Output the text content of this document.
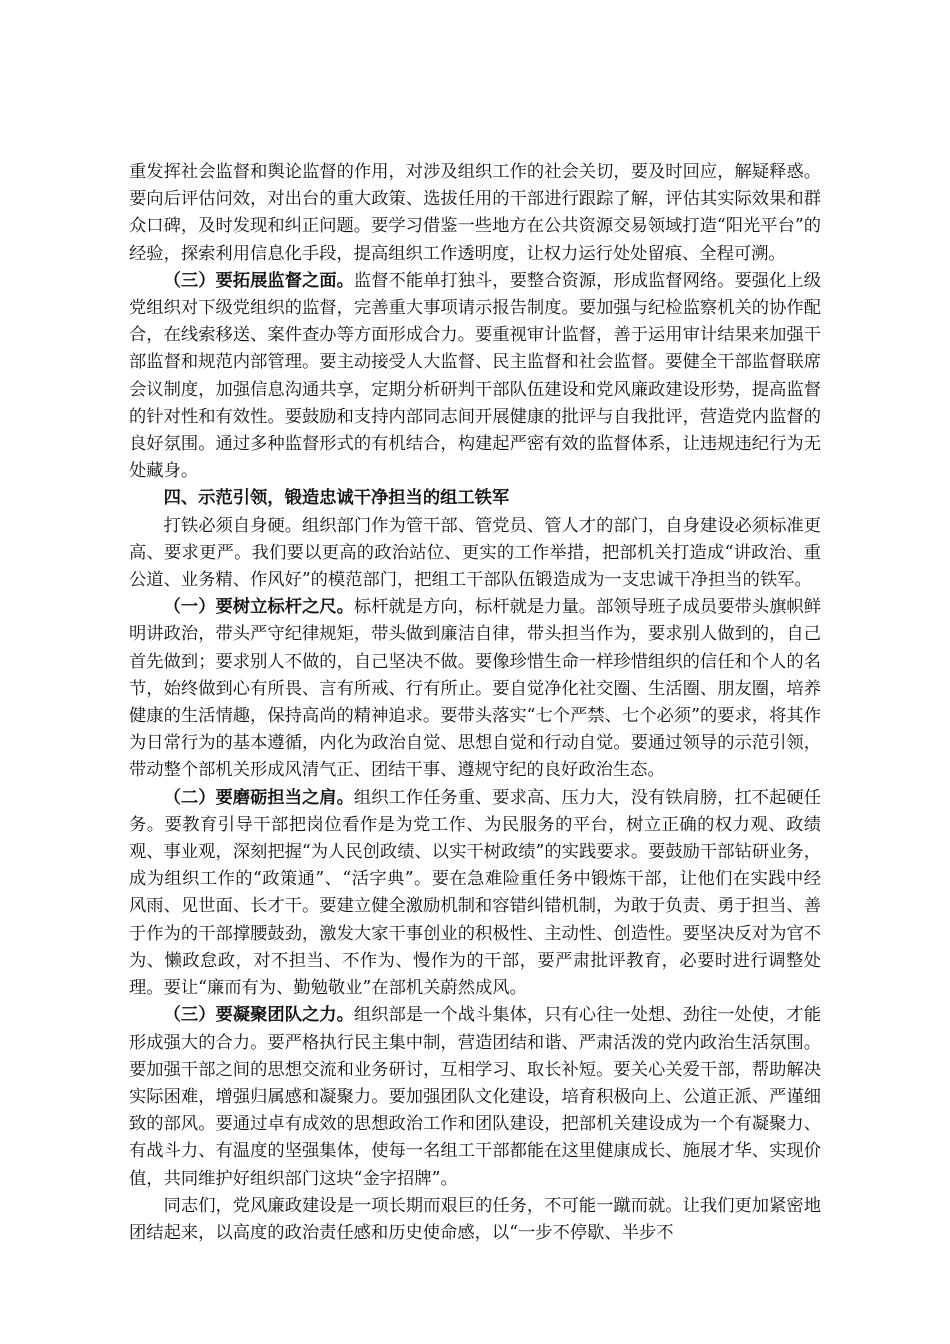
重发挥社会监督和舆论监督的作用，对涉及组织工作的社会关切，要及时回应，解疑释惑。要向后评估问效，对出台的重大政策、选拔任用的干部进行跟踪了解，评估其实际效果和群众口碑，及时发现和纠正问题。要学习借鉴一些地方在公共资源交易领域打造“阳光平台”的经验，探索利用信息化手段，提高组织工作透明度，让权力运行处处留痕、全程可溯。

（三）要拓展监督之面。监督不能单打独斗，要整合资源，形成监督网络。要强化上级党组织对下级党组织的监督，完善重大事项请示报告制度。要加强与纪检监察机关的协作配合，在线索移送、案件查办等方面形成合力。要重视审计监督，善于运用审计结果来加强干部监督和规范内部管理。要主动接受人大监督、民主监督和社会监督。要健全干部监督联席会议制度，加强信息沟通共享，定期分析研判干部队伍建设和党风廉政建设形势，提高监督的针对性和有效性。要鼓励和支持内部同志间开展健康的批评与自我批评，营造党内监督的良好氛围。通过多种监督形式的有机结合，构建起严密有效的监督体系，让违规违纪行为无处藏身。

四、示范引领，锻造忠诚干净担当的组工铁军

打铁必须自身硬。组织部门作为管干部、管党员、管人才的部门，自身建设必须标准更高、要求更严。我们要以更高的政治站位、更实的工作举措，把部机关打造成“讲政治、重公道、业务精、作风好”的模范部门，把组工干部队伍锻造成为一支忠诚干净担当的铁军。

（一）要树立标杆之尺。标杆就是方向，标杆就是力量。部领导班子成员要带头旗帜鲜明讲政治，带头严守纪律规矩，带头做到廉洁自律，带头担当作为，要求别人做到的，自己首先做到；要求别人不做的，自己坚决不做。要像珍惜生命一样珍惜组织的信任和个人的名节，始终做到心有所畏、言有所戒、行有所止。要自觉净化社交圈、生活圈、朋友圈，培养健康的生活情趣，保持高尚的精神追求。要带头落实“七个严禁、七个必须”的要求，将其作为日常行为的基本遵循，内化为政治自觉、思想自觉和行动自觉。要通过领导的示范引领，带动整个部机关形成风清气正、团结干事、遵规守纪的良好政治生态。

（二）要磨砺担当之肩。组织工作任务重、要求高、压力大，没有铁肩膀，扛不起硬任务。要教育引导干部把岗位看作是为党工作、为民服务的平台，树立正确的权力观、政绩观、事业观，深刻把握“为人民创政绩、以实干树政绩”的实践要求。要鼓励干部钻研业务，成为组织工作的“政策通”、“活字典”。要在急难险重任务中锻炼干部，让他们在实践中经风雨、见世面、长才干。要建立健全激励机制和容错纠错机制，为敢于负责、勇于担当、善于作为的干部撑腰鼓劲，激发大家干事创业的积极性、主动性、创造性。要坚决反对为官不为、懒政怠政，对不担当、不作为、慢作为的干部，要严肃批评教育，必要时进行调整处理。要让“廉而有为、勤勉敬业”在部机关蔚然成风。

（三）要凝聚团队之力。组织部是一个战斗集体，只有心往一处想、劲往一处使，才能形成强大的合力。要严格执行民主集中制，营造团结和谐、严肃活泼的党内政治生活氛围。要加强干部之间的思想交流和业务研讨，互相学习、取长补短。要关心关爱干部，帮助解决实际困难，增强归属感和凝聚力。要加强团队文化建设，培育积极向上、公道正派、严谨细致的部风。要通过卓有成效的思想政治工作和团队建设，把部机关建设成为一个有凝聚力、有战斗力、有温度的坚强集体，使每一名组工干部都能在这里健康成长、施展才华、实现价值，共同维护好组织部门这块“金字招牌”。

同志们，党风廉政建设是一项长期而艰巨的任务，不可能一蹴而就。让我们更加紧密地团结起来，以高度的政治责任感和历史使命感，以“一步不停歇、半步不
